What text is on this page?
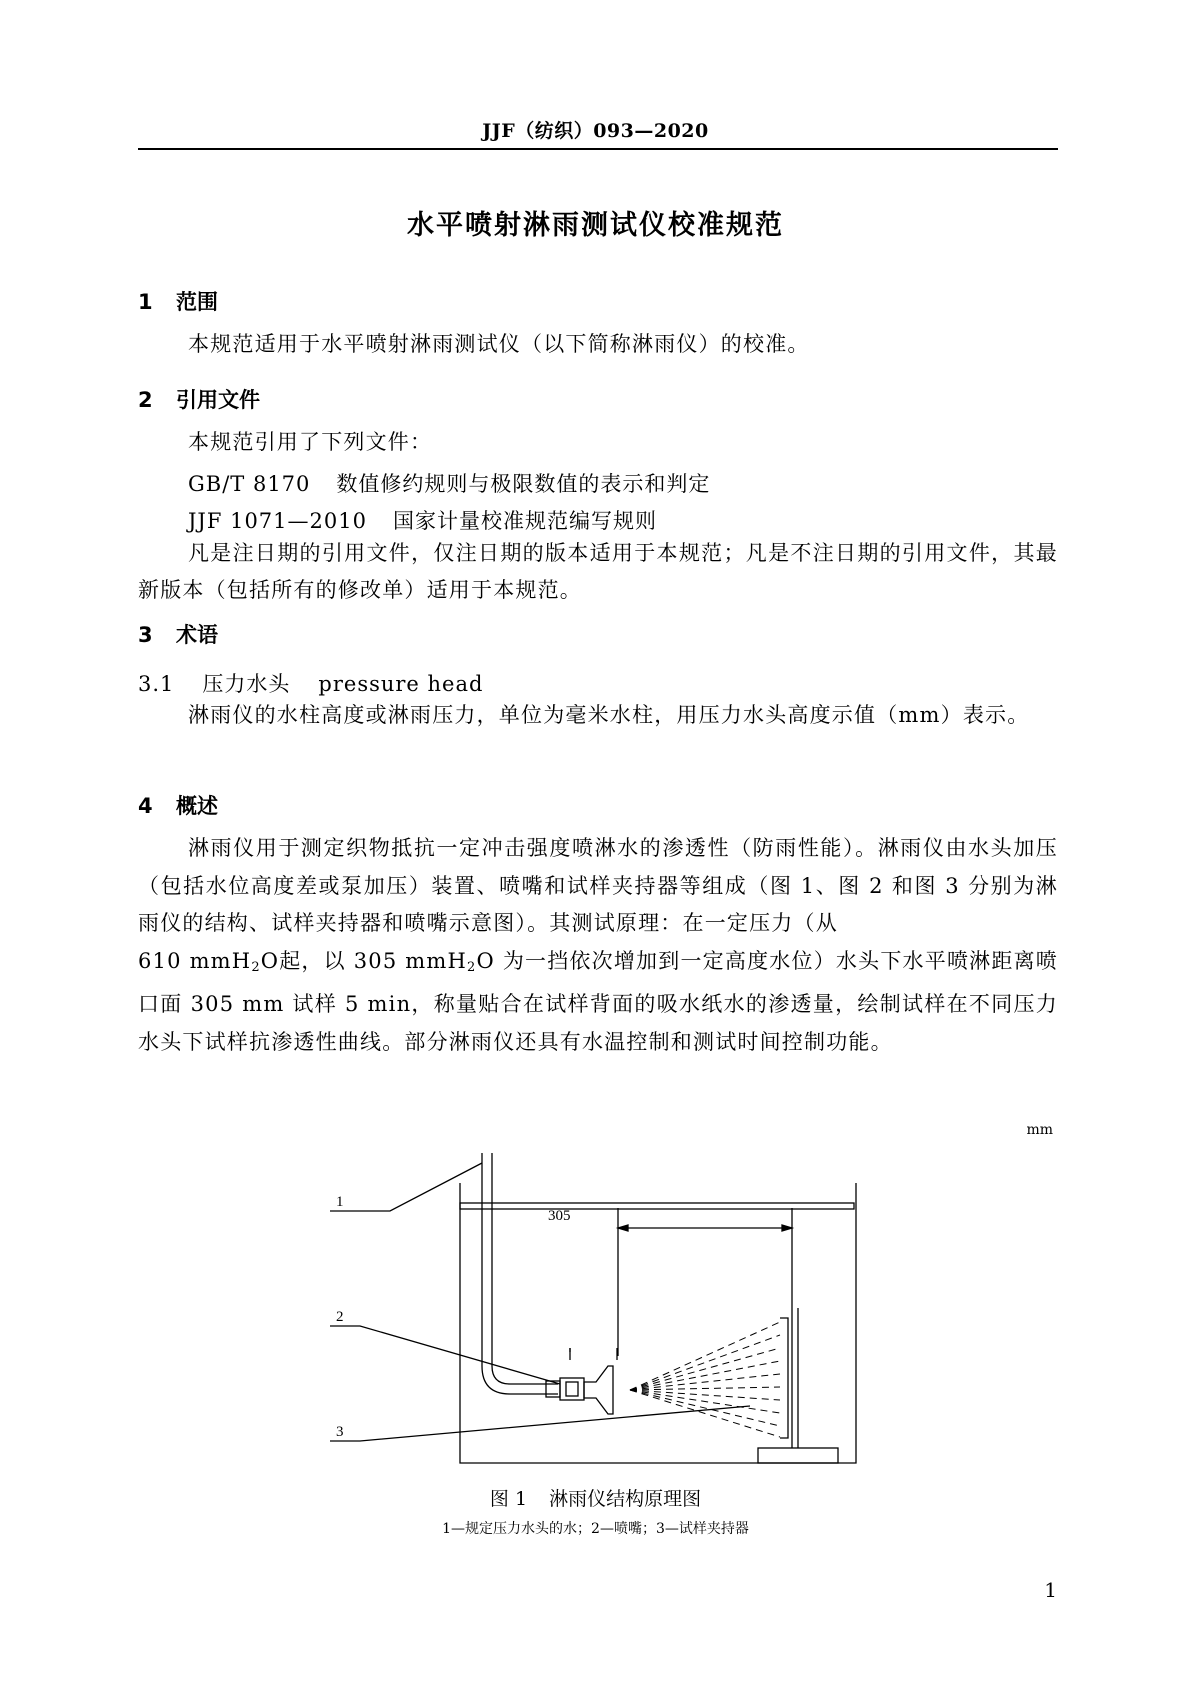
JJF（纺织）093—2020
水平喷射淋雨测试仪校准规范
1 范围
本规范适用于水平喷射淋雨测试仪（以下简称淋雨仪）的校准。
2 引用文件
本规范引用了下列文件：
GB/T 8170 数值修约规则与极限数值的表示和判定
JJF 1071—2010 国家计量校准规范编写规则
凡是注日期的引用文件，仅注日期的版本适用于本规范；凡是不注日期的引用文件，其最新版本（包括所有的修改单）适用于本规范。
3 术语
3.1 压力水头 pressure head
淋雨仪的水柱高度或淋雨压力，单位为毫米水柱，用压力水头高度示值（mm）表示。
4 概述
淋雨仪用于测定织物抵抗一定冲击强度喷淋水的渗透性（防雨性能）。淋雨仪由水头加压（包括水位高度差或泵加压）装置、喷嘴和试样夹持器等组成（图 1、图 2 和图 3 分别为淋雨仪的结构、试样夹持器和喷嘴示意图）。其测试原理：在一定压力（从
610 mmH$_2$O起，以 305 mmH$_2$O 为一挡依次增加到一定高度水位）水头下水平喷淋距离喷口面 305 mm 试样 5 min，称量贴合在试样背面的吸水纸水的渗透量，绘制试样在不同压力水头下试样抗渗透性曲线。部分淋雨仪还具有水温控制和测试时间控制功能。
mm
305
1
2
3
图 1 淋雨仪结构原理图
1—规定压力水头的水；2—喷嘴；3—试样夹持器
1
